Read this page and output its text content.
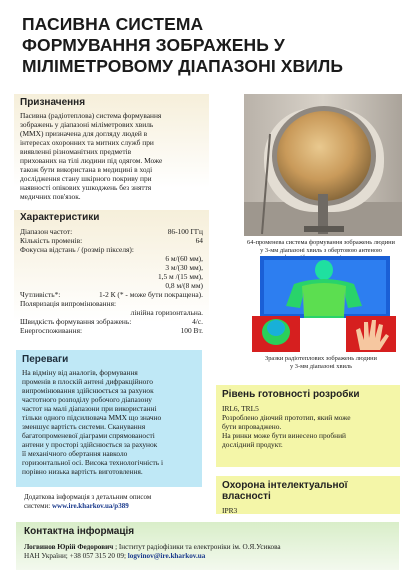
ПАСИВНА СИСТЕМА
ФОРМУВАННЯ ЗОБРАЖЕНЬ У
МІЛІМЕТРОВОМУ ДІАПАЗОНІ ХВИЛЬ
Призначення
Пасивна (радіотеплова) система формування
зображень у діапазоні міліметрових хвиль
(ММХ) призначена для догляду людей в
інтересах охоронних та митних служб при
виявленні різноманітних предметів
прихованих на тілі людини під одягом. Може
також бути використана в медицині в ході
дослідження стану шкірного покриву при
наявності опікових ушкоджень без зняття
медичних пов'язок.
Характеристики
Діапазон частот:	86-100 ГГц
Кількість променів:	64
Фокусна відстань / (розмір пікселя):
6 м/(60 мм),
3 м/(30 мм),
1,5 м /(15 мм),
0,8 м/(8 мм)
Чутливість*:	1-2 К (* - може бути покращена).
Поляризація випромінювання:
лінійна горизонтальна.
Швидкість формування зображень:	4/с.
Енергоспоживання:	100 Вт.
Переваги
На відміну від аналогів, формування
променів в плоскій антені дифракційного
випромінювання здійснюється за рахунок
частотного розподілу робочого діапазону
частот на малі діапазони при використанні
тільки одного підсилювача ММХ що значно
зменшує вартість системи. Сканування
багатопроменевої діаграми спрямованості
антени у просторі здійснюється за рахунок
її механічного обертання навколо
горизонтальної осі. Висока технологічність і
порівно низька вартість виготовлення.
Додаткова інформація з детальним описом
системи: www.ire.kharkov.ua/p389
Контактна інформація
Логвинов Юрій Федорович ; Інститут радіофізики та електроніки ім. О.Я.Усикова
НАН України; +38 057 315 20 09; logvinov@ire.kharkov.ua
64-променева система формування зображень людини
у 3-мм діапазоні хвиль з обертовою антеною
Зразки радіотеплових зображень людини
у 3-мм діапазоні хвиль
Рівень готовності розробки
IRL6, TRL5
Розроблено діючий прототип, який може
бути впроваджено.
На ринки може бути винесено пробний
дослідний продукт.
Охорона інтелектуальної власності
IPR3
